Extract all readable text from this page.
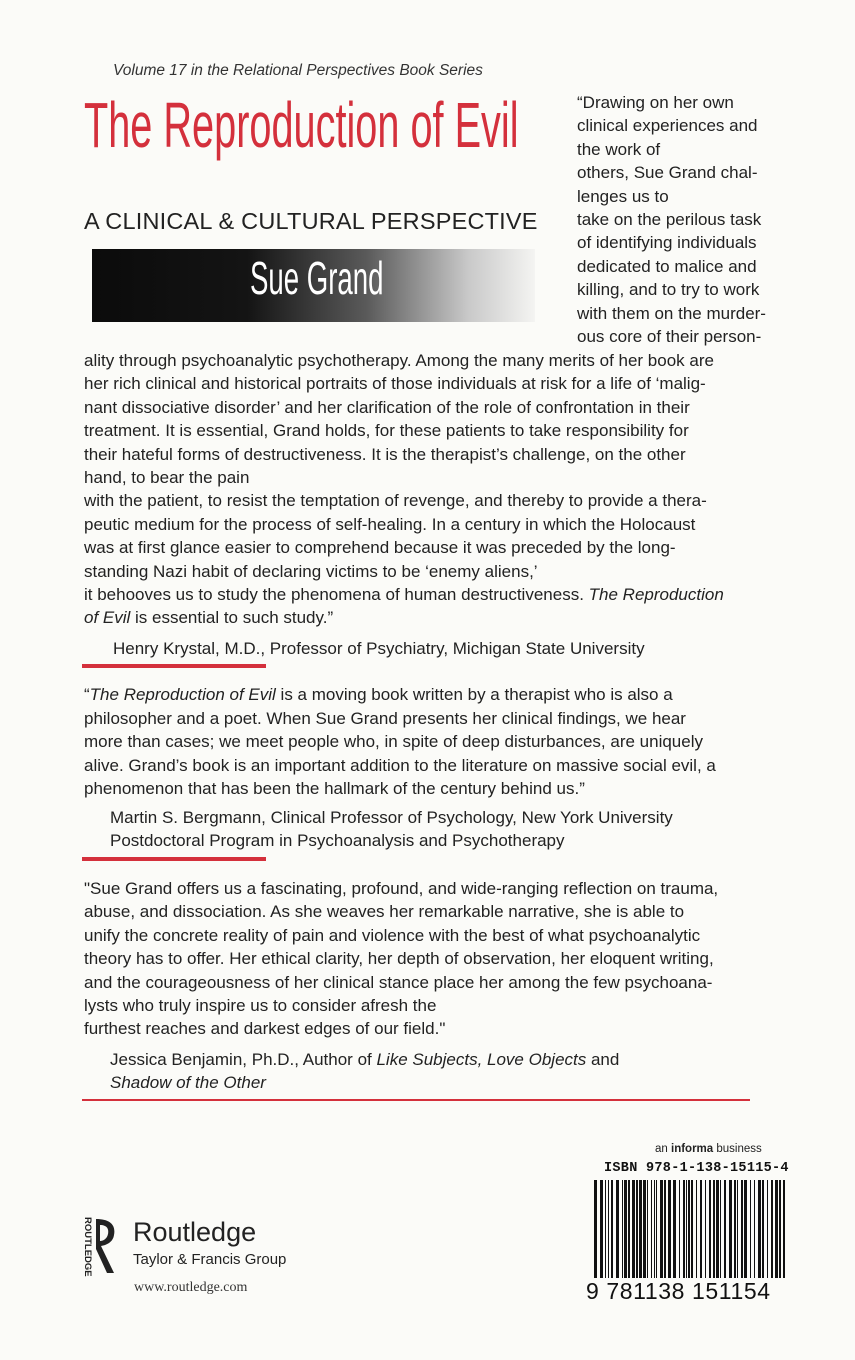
Volume 17 in the Relational Perspectives Book Series
The Reproduction of Evil
A CLINICAL & CULTURAL PERSPECTIVE
Sue Grand
“Drawing on her own
clinical experiences and
the work of
others, Sue Grand chal-
lenges us to
take on the perilous task
of identifying individuals
dedicated to malice and
killing, and to try to work
with them on the murder-
ous core of their person-
ality through psychoanalytic psychotherapy. Among the many merits of her book are
her rich clinical and historical portraits of those individuals at risk for a life of ‘malig-
nant dissociative disorder’ and her clarification of the role of confrontation in their
treatment. It is essential, Grand holds, for these patients to take responsibility for
their hateful forms of destructiveness. It is the therapist’s challenge, on the other
hand, to bear the pain
with the patient, to resist the temptation of revenge, and thereby to provide a thera-
peutic medium for the process of self-healing. In a century in which the Holocaust
was at first glance easier to comprehend because it was preceded by the long-
standing Nazi habit of declaring victims to be ‘enemy aliens,’
it behooves us to study the phenomena of human destructiveness. The Reproduction
of Evil is essential to such study.”
Henry Krystal, M.D., Professor of Psychiatry, Michigan State University
“The Reproduction of Evil is a moving book written by a therapist who is also a
philosopher and a poet. When Sue Grand presents her clinical findings, we hear
more than cases; we meet people who, in spite of deep disturbances, are uniquely
alive. Grand’s book is an important addition to the literature on massive social evil, a
phenomenon that has been the hallmark of the century behind us.”
Martin S. Bergmann, Clinical Professor of Psychology, New York University
Postdoctoral Program in Psychoanalysis and Psychotherapy
"Sue Grand offers us a fascinating, profound, and wide-ranging reflection on trauma,
abuse, and dissociation. As she weaves her remarkable narrative, she is able to
unify the concrete reality of pain and violence with the best of what psychoanalytic
theory has to offer. Her ethical clarity, her depth of observation, her eloquent writing,
and the courageousness of her clinical stance place her among the few psychoana-
lysts who truly inspire us to consider afresh the
furthest reaches and darkest edges of our field."
Jessica Benjamin, Ph.D., Author of Like Subjects, Love Objects and
Shadow of the Other
an informa business
ISBN 978-1-138-15115-4
9 781138 151154
ROUTLEDGE Routledge
Taylor & Francis Group
www.routledge.com
